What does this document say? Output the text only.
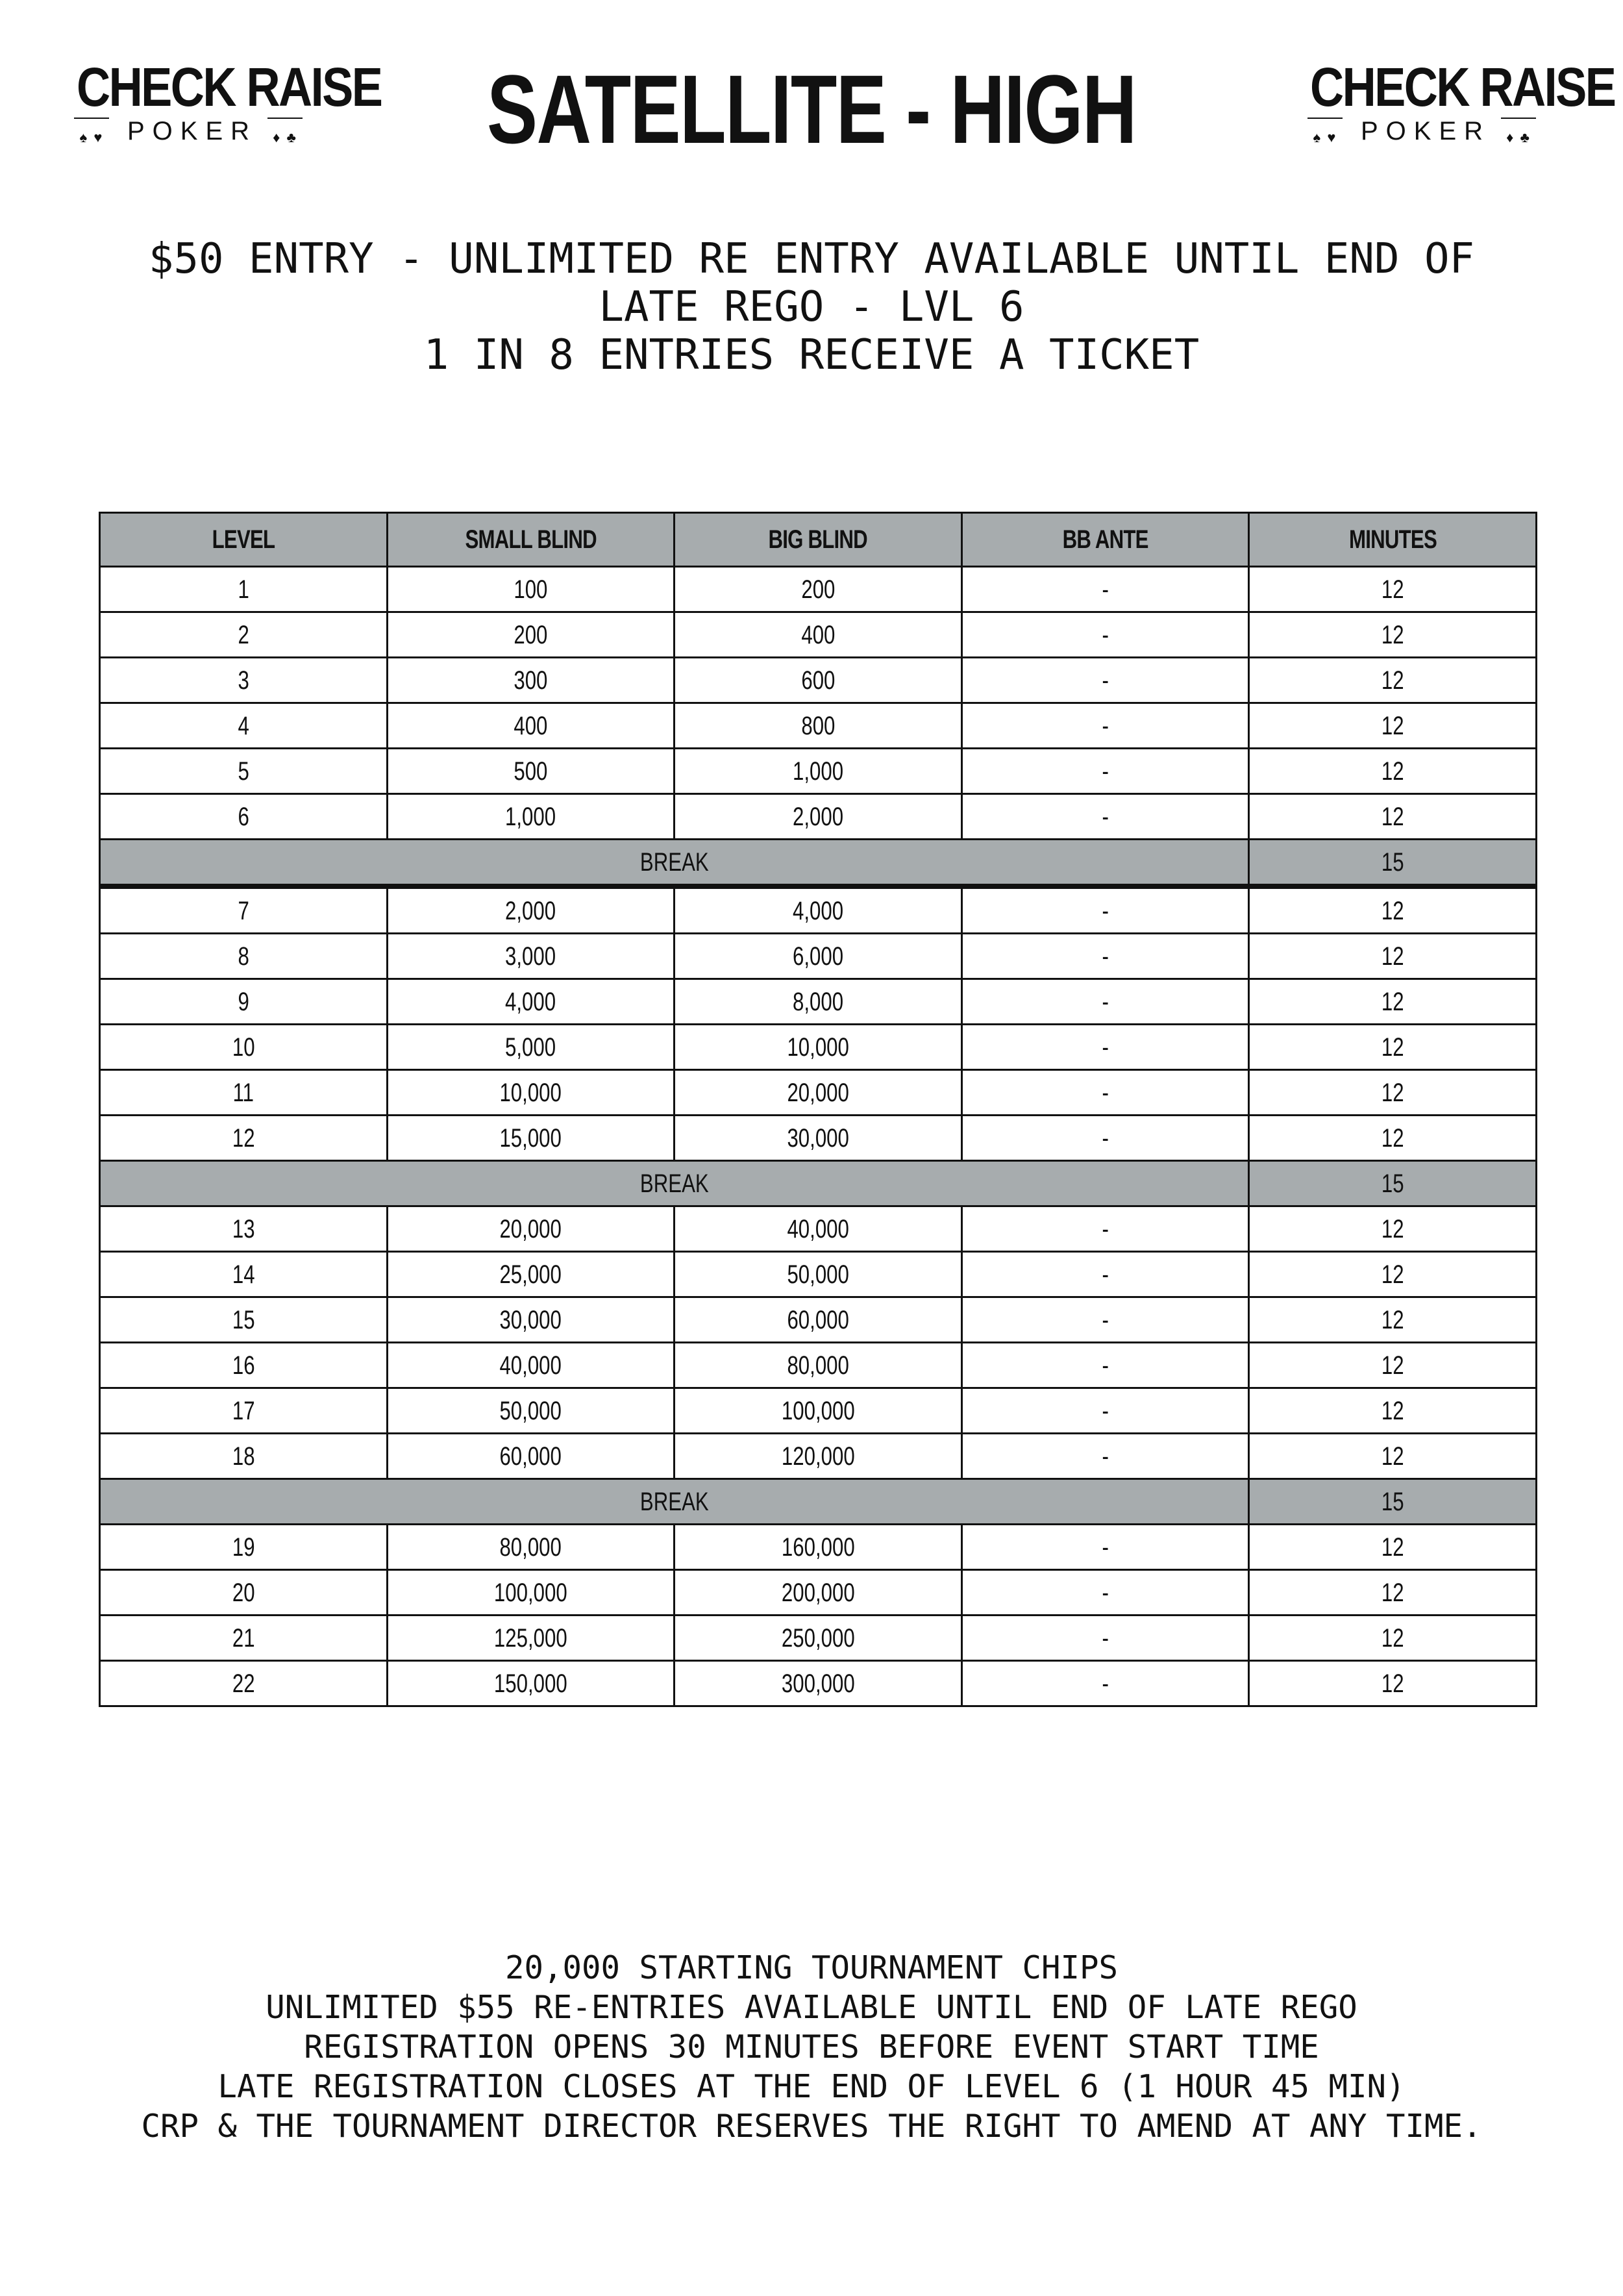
CHECK RAISE
♠ ♥ POKER ♦ ♣
CHECK RAISE
♠ ♥ POKER ♦ ♣
SATELLITE - HIGH
$50 ENTRY - UNLIMITED RE ENTRY AVAILABLE UNTIL END OF
LATE REGO - LVL 6
1 IN 8 ENTRIES RECEIVE A TICKET
LEVEL	SMALL BLIND	BIG BLIND	BB ANTE	MINUTES
1	100	200	-	12
2	200	400	-	12
3	300	600	-	12
4	400	800	-	12
5	500	1,000	-	12
6	1,000	2,000	-	12
BREAK				15
7	2,000	4,000	-	12
8	3,000	6,000	-	12
9	4,000	8,000	-	12
10	5,000	10,000	-	12
11	10,000	20,000	-	12
12	15,000	30,000	-	12
BREAK				15
13	20,000	40,000	-	12
14	25,000	50,000	-	12
15	30,000	60,000	-	12
16	40,000	80,000	-	12
17	50,000	100,000	-	12
18	60,000	120,000	-	12
BREAK				15
19	80,000	160,000	-	12
20	100,000	200,000	-	12
21	125,000	250,000	-	12
22	150,000	300,000	-	12
20,000 STARTING TOURNAMENT CHIPS
UNLIMITED $55 RE-ENTRIES AVAILABLE UNTIL END OF LATE REGO
REGISTRATION OPENS 30 MINUTES BEFORE EVENT START TIME
LATE REGISTRATION CLOSES AT THE END OF LEVEL 6 (1 HOUR 45 MIN)
CRP & THE TOURNAMENT DIRECTOR RESERVES THE RIGHT TO AMEND AT ANY TIME.
